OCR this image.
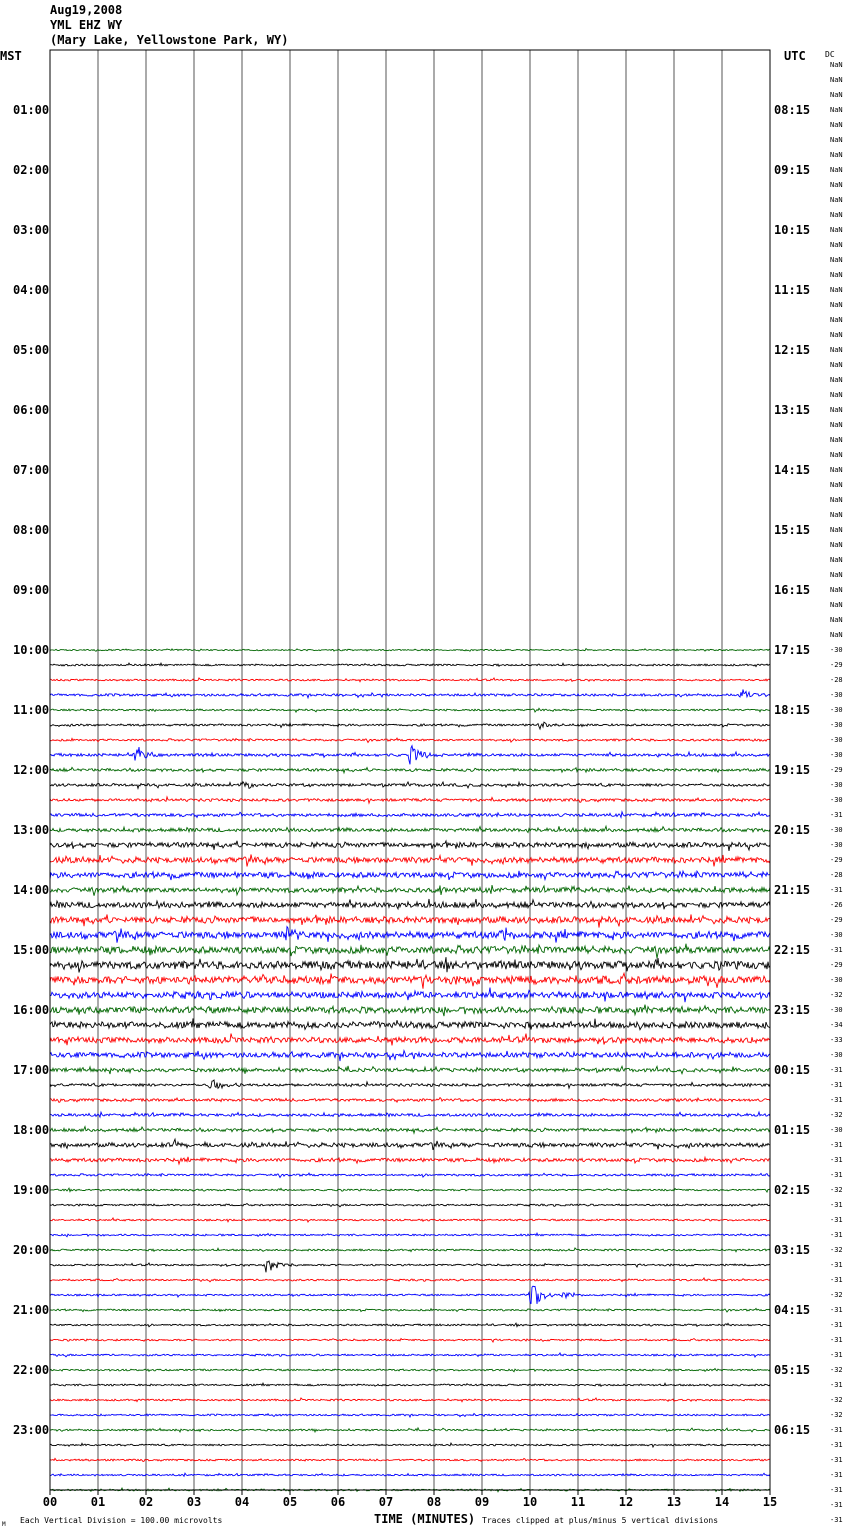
Aug19,2008
YML EHZ WY
(Mary Lake, Yellowstone Park, WY)
00	01	02	03	04	05	06	07	08	09	10	11	12	13	14	15
01:00
02:00
03:00
04:00
05:00
06:00
07:00
08:00
09:00
10:00
11:00
12:00
13:00
14:00
15:00
16:00
17:00
18:00
19:00
20:00
21:00
22:00
23:00
08:15
09:15
10:15
11:15
12:15
13:15
14:15
15:15
16:15
17:15
18:15
19:15
20:15
21:15
22:15
23:15
00:15
01:15
02:15
03:15
04:15
05:15
06:15
NaN
NaN
NaN
NaN
NaN
NaN
NaN
NaN
NaN
NaN
NaN
NaN
NaN
NaN
NaN
NaN
NaN
NaN
NaN
NaN
NaN
NaN
NaN
NaN
NaN
NaN
NaN
NaN
NaN
NaN
NaN
NaN
NaN
NaN
NaN
NaN
NaN
NaN
NaN
-30
-29
-28
-30
-30
-30
-30
-30
-29
-30
-30
-31
-30
-30
-29
-28
-31
-26
-29
-30
-31
-29
-30
-32
-30
-34
-33
-30
-31
-31
-31
-32
-30
-31
-31
-31
-32
-31
-31
-31
-32
-31
-31
-32
-31
-31
-31
-31
-32
-31
-32
-32
-31
-31
-31
-31
-31
-31
-31
MST	UTC DC
TIME (MINUTES)
Each Vertical Division = 100.00 microvolts	Traces clipped at plus/minus 5 vertical divisions
M
